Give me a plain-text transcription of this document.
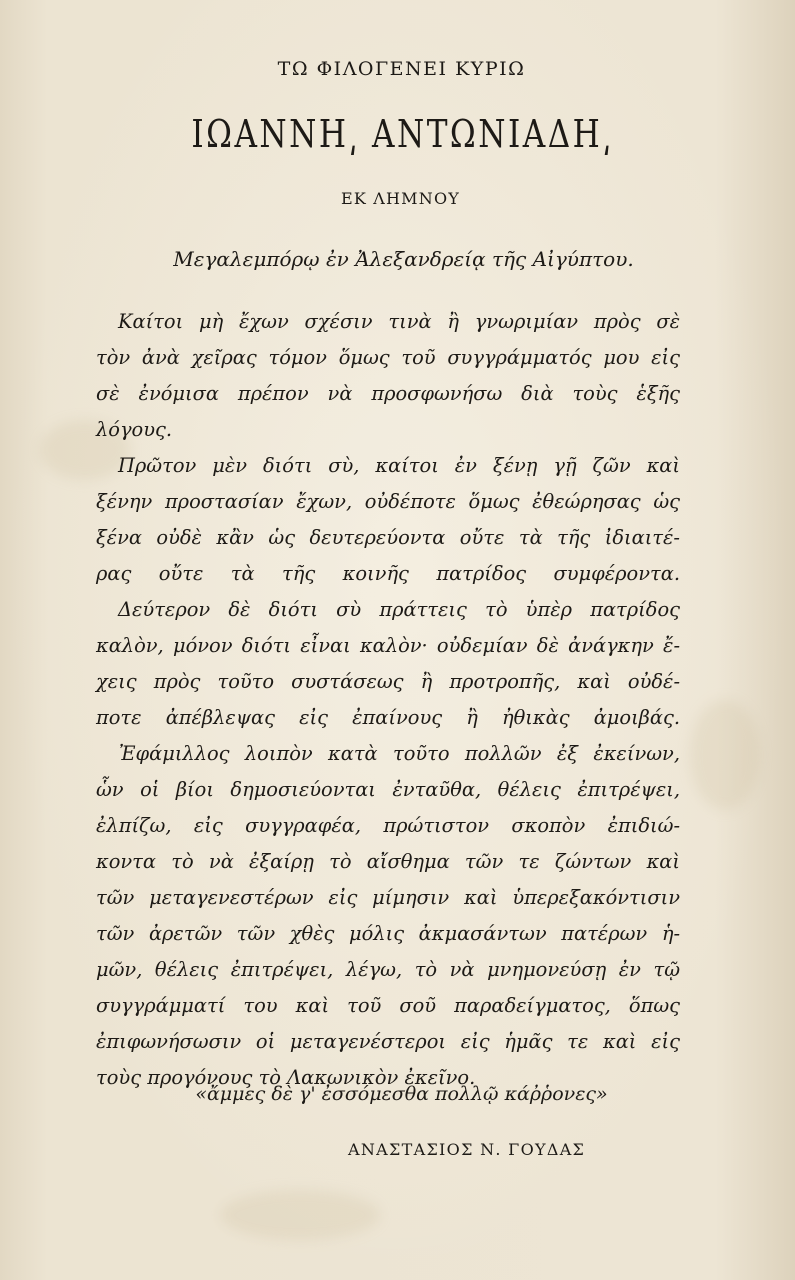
ΤΩ ΦΙΛΟΓΕΝΕΙ ΚΥΡΙΩ
ΙΩΑΝΝΗ͵ ΑΝΤΩΝΙΑΔΗ͵
ΕΚ ΛΗΜΝΟΥ
Μεγαλεμπόρῳ ἐν Ἀλεξανδρείᾳ τῆς Αἰγύπτου.
Καίτοι μὴ ἔχων σχέσιν τινὰ ἢ γνωριμίαν πρὸς σὲ
τὸν ἀνὰ χεῖρας τόμον ὅμως τοῦ συγγράμματός μου εἰς
σὲ ἐνόμισα πρέπον νὰ προσφωνήσω διὰ τοὺς ἑξῆς
λόγους.
Πρῶτον μὲν διότι σὺ, καίτοι ἐν ξένῃ γῇ ζῶν καὶ
ξένην προστασίαν ἔχων, οὐδέποτε ὅμως ἐθεώρησας ὡς
ξένα οὐδὲ κἂν ὡς δευτερεύοντα οὔτε τὰ τῆς ἰδιαιτέ-
ρας οὔτε τὰ τῆς κοινῆς πατρίδος συμφέροντα.
Δεύτερον δὲ διότι σὺ πράττεις τὸ ὑπὲρ πατρίδος
καλὸν, μόνον διότι εἶναι καλὸν· οὐδεμίαν δὲ ἀνάγκην ἔ-
χεις πρὸς τοῦτο συστάσεως ἢ προτροπῆς, καὶ οὐδέ-
ποτε ἀπέβλεψας εἰς ἐπαίνους ἢ ἠθικὰς ἀμοιβάς.
Ἐφάμιλλος λοιπὸν κατὰ τοῦτο πολλῶν ἐξ ἐκείνων,
ὧν οἱ βίοι δημοσιεύονται ἐνταῦθα, θέλεις ἐπιτρέψει,
ἐλπίζω, εἰς συγγραφέα, πρώτιστον σκοπὸν ἐπιδιώ-
κοντα τὸ νὰ ἐξαίρῃ τὸ αἴσθημα τῶν τε ζώντων καὶ
τῶν μεταγενεστέρων εἰς μίμησιν καὶ ὑπερεξακόντισιν
τῶν ἀρετῶν τῶν χθὲς μόλις ἀκμασάντων πατέρων ἡ-
μῶν, θέλεις ἐπιτρέψει, λέγω, τὸ νὰ μνημονεύσῃ ἐν τῷ
συγγράμματί του καὶ τοῦ σοῦ παραδείγματος, ὅπως
ἐπιφωνήσωσιν οἱ μεταγενέστεροι εἰς ἡμᾶς τε καὶ εἰς
τοὺς προγόνους τὸ Λακωνικὸν ἐκεῖνο.
«ἄμμες δὲ γ' ἐσσόμεσθα πολλῷ κάῤῥονες»
ΑΝΑΣΤΑΣΙΟΣ Ν. ΓΟΥΔΑΣ
